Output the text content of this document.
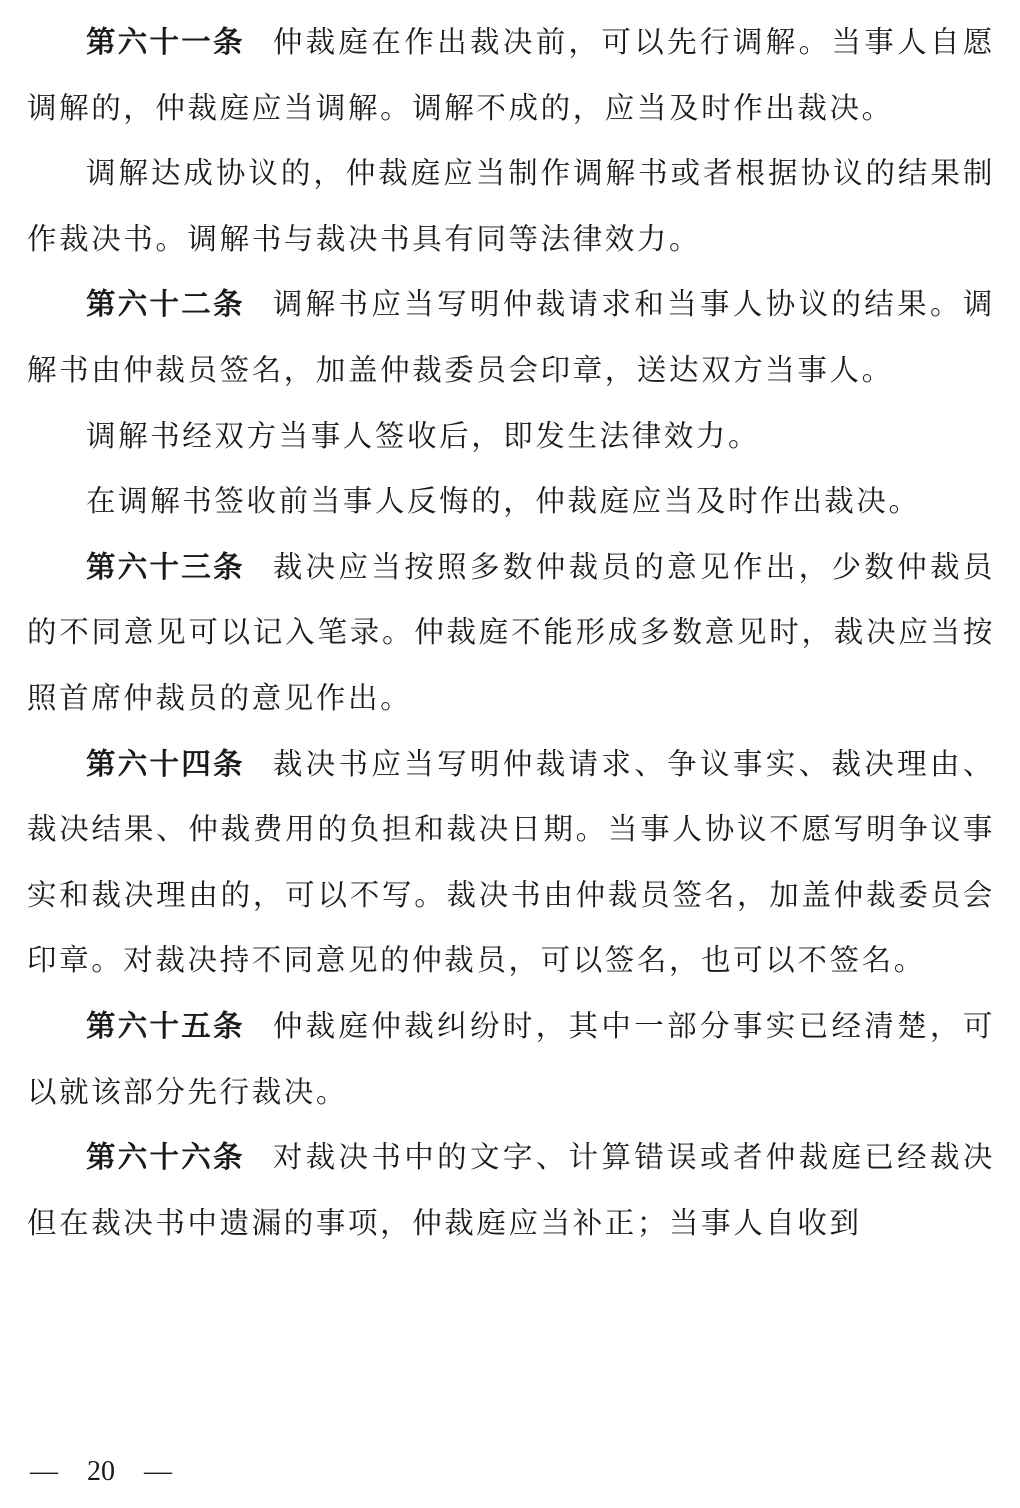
第六十一条 仲裁庭在作出裁决前，可以先行调解。当事人自愿调解的，仲裁庭应当调解。调解不成的，应当及时作出裁决。

调解达成协议的，仲裁庭应当制作调解书或者根据协议的结果制作裁决书。调解书与裁决书具有同等法律效力。

第六十二条 调解书应当写明仲裁请求和当事人协议的结果。调解书由仲裁员签名，加盖仲裁委员会印章，送达双方当事人。

调解书经双方当事人签收后，即发生法律效力。

在调解书签收前当事人反悔的，仲裁庭应当及时作出裁决。

第六十三条 裁决应当按照多数仲裁员的意见作出，少数仲裁员的不同意见可以记入笔录。仲裁庭不能形成多数意见时，裁决应当按照首席仲裁员的意见作出。

第六十四条 裁决书应当写明仲裁请求、争议事实、裁决理由、裁决结果、仲裁费用的负担和裁决日期。当事人协议不愿写明争议事实和裁决理由的，可以不写。裁决书由仲裁员签名，加盖仲裁委员会印章。对裁决持不同意见的仲裁员，可以签名，也可以不签名。

第六十五条 仲裁庭仲裁纠纷时，其中一部分事实已经清楚，可以就该部分先行裁决。

第六十六条 对裁决书中的文字、计算错误或者仲裁庭已经裁决但在裁决书中遗漏的事项，仲裁庭应当补正；当事人自收到

— 20 —
